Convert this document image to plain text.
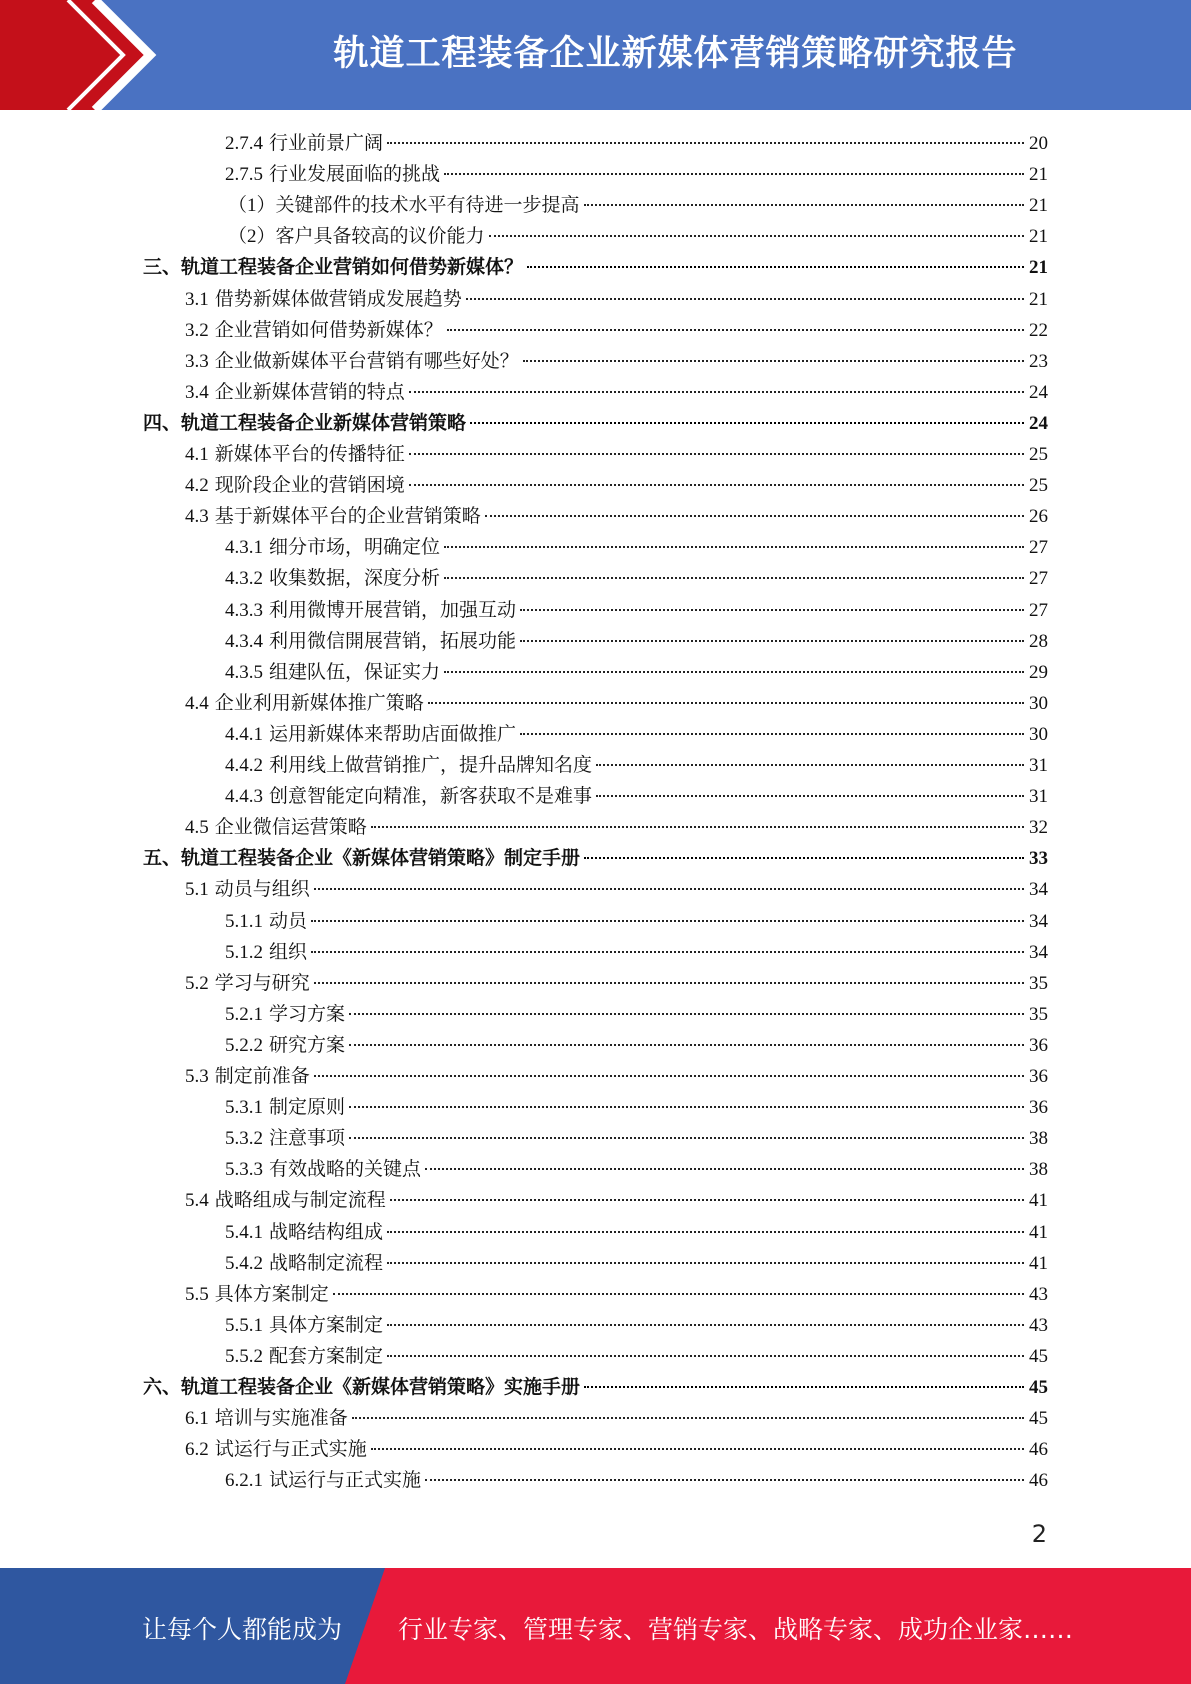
轨道工程装备企业新媒体营销策略研究报告
2.7.4 行业前景广阔	20
2.7.5 行业发展面临的挑战	21
（1） 关键部件的技术水平有待进一步提高	21
（2） 客户具备较高的议价能力	21
三、 轨道工程装备企业营销如何借势新媒体？	21
3.1 借势新媒体做营销成发展趋势	21
3.2 企业营销如何借势新媒体？	22
3.3 企业做新媒体平台营销有哪些好处？	23
3.4 企业新媒体营销的特点	24
四、 轨道工程装备企业新媒体营销策略	24
4.1 新媒体平台的传播特征	25
4.2 现阶段企业的营销困境	25
4.3 基于新媒体平台的企业营销策略	26
4.3.1 细分市场，明确定位	27
4.3.2 收集数据，深度分析	27
4.3.3 利用微博开展营销，加强互动	27
4.3.4 利用微信開展营销，拓展功能	28
4.3.5 组建队伍，保证实力	29
4.4 企业利用新媒体推广策略	30
4.4.1 运用新媒体来帮助店面做推广	30
4.4.2 利用线上做营销推广，提升品牌知名度	31
4.4.3 创意智能定向精准，新客获取不是难事	31
4.5 企业微信运营策略	32
五、 轨道工程装备企业《新媒体营销策略》制定手册	33
5.1 动员与组织	34
5.1.1 动员	34
5.1.2 组织	34
5.2 学习与研究	35
5.2.1 学习方案	35
5.2.2 研究方案	36
5.3 制定前准备	36
5.3.1 制定原则	36
5.3.2 注意事项	38
5.3.3 有效战略的关键点	38
5.4 战略组成与制定流程	41
5.4.1 战略结构组成	41
5.4.2 战略制定流程	41
5.5 具体方案制定	43
5.5.1 具体方案制定	43
5.5.2 配套方案制定	45
六、 轨道工程装备企业《新媒体营销策略》实施手册	45
6.1 培训与实施准备	45
6.2 试运行与正式实施	46
6.2.1 试运行与正式实施	46
2
让每个人都能成为 行业专家、管理专家、营销专家、战略专家、成功企业家……
